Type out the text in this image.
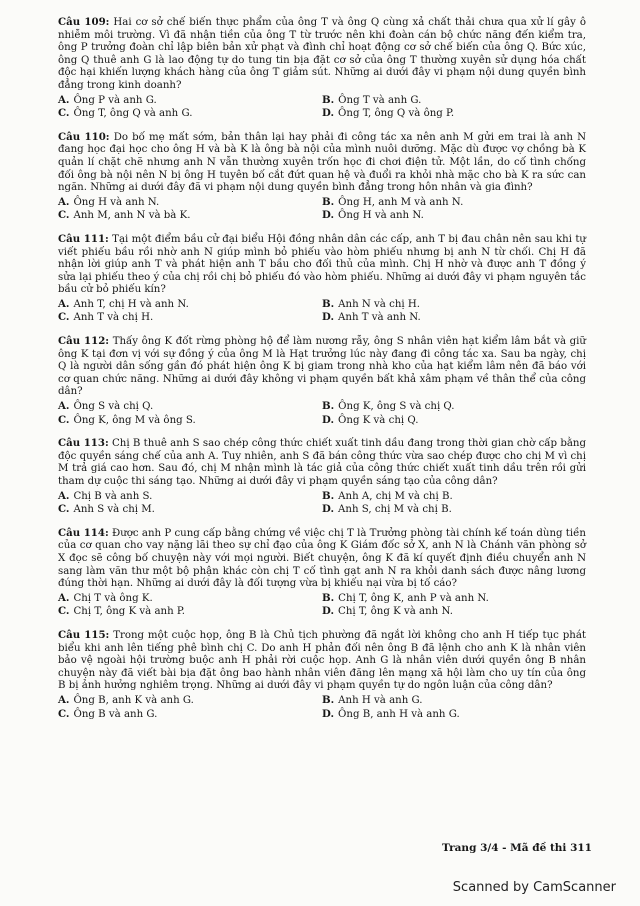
Câu 109: Hai cơ sở chế biến thực phẩm của ông T và ông Q cùng xả chất thải chưa qua xử lí gây ô nhiễm môi trường. Vì đã nhận tiền của ông T từ trước nên khi đoàn cán bộ chức năng đến kiểm tra, ông P trưởng đoàn chỉ lập biên bản xử phạt và đình chỉ hoạt động cơ sở chế biến của ông Q. Bức xúc, ông Q thuê anh G là lao động tự do tung tin bịa đặt cơ sở của ông T thường xuyên sử dụng hóa chất độc hại khiến lượng khách hàng của ông T giảm sút. Những ai dưới đây vi phạm nội dung quyền bình đẳng trong kinh doanh?

A. Ông P và anh G.	B. Ông T và anh G.
C. Ông T, ông Q và anh G.	D. Ông T, ông Q và ông P.

Câu 110: Do bố mẹ mất sớm, bản thân lại hay phải đi công tác xa nên anh M gửi em trai là anh N đang học đại học cho ông H và bà K là ông bà nội của mình nuôi dưỡng. Mặc dù được vợ chồng bà K quản lí chặt chẽ nhưng anh N vẫn thường xuyên trốn học đi chơi điện tử. Một lần, do cố tình chống đối ông bà nội nên N bị ông H tuyên bố cắt đứt quan hệ và đuổi ra khỏi nhà mặc cho bà K ra sức can ngăn. Những ai dưới đây đã vi phạm nội dung quyền bình đẳng trong hôn nhân và gia đình?

A. Ông H và anh N.	B. Ông H, anh M và anh N.
C. Anh M, anh N và bà K.	D. Ông H và anh N.

Câu 111: Tại một điểm bầu cử đại biểu Hội đồng nhân dân các cấp, anh T bị đau chân nên sau khi tự viết phiếu bầu rồi nhờ anh N giúp mình bỏ phiếu vào hòm phiếu nhưng bị anh N từ chối. Chị H đã nhận lời giúp anh T và phát hiện anh T bầu cho đối thủ của mình. Chị H nhờ và được anh T đồng ý sửa lại phiếu theo ý của chị rồi chị bỏ phiếu đó vào hòm phiếu. Những ai dưới đây vi phạm nguyên tắc bầu cử bỏ phiếu kín?

A. Anh T, chị H và anh N.	B. Anh N và chị H.
C. Anh T và chị H.	D. Anh T và anh N.

Câu 112: Thấy ông K đốt rừng phòng hộ để làm nương rẫy, ông S nhân viên hạt kiểm lâm bắt và giữ ông K tại đơn vị với sự đồng ý của ông M là Hạt trưởng lúc này đang đi công tác xa. Sau ba ngày, chị Q là người dân sống gần đó phát hiện ông K bị giam trong nhà kho của hạt kiểm lâm nên đã báo với cơ quan chức năng. Những ai dưới đây không vi phạm quyền bất khả xâm phạm về thân thể của công dân?

A. Ông S và chị Q.	B. Ông K, ông S và chị Q.
C. Ông K, ông M và ông S.	D. Ông K và chị Q.

Câu 113: Chị B thuê anh S sao chép công thức chiết xuất tinh dầu đang trong thời gian chờ cấp bằng độc quyền sáng chế của anh A. Tuy nhiên, anh S đã bán công thức vừa sao chép được cho chị M vì chị M trả giá cao hơn. Sau đó, chị M nhận mình là tác giả của công thức chiết xuất tinh dầu trên rồi gửi tham dự cuộc thi sáng tạo. Những ai dưới đây vi phạm quyền sáng tạo của công dân?

A. Chị B và anh S.	B. Anh A, chị M và chị B.
C. Anh S và chị M.	D. Anh S, chị M và chị B.

Câu 114: Được anh P cung cấp bằng chứng về việc chị T là Trưởng phòng tài chính kế toán dùng tiền của cơ quan cho vay nặng lãi theo sự chỉ đạo của ông K Giám đốc sở X, anh N là Chánh văn phòng sở X đọc sẽ công bố chuyện này với mọi người. Biết chuyện, ông K đã kí quyết định điều chuyển anh N sang làm văn thư một bộ phận khác còn chị T cố tình gạt anh N ra khỏi danh sách được nâng lương đúng thời hạn. Những ai dưới đây là đối tượng vừa bị khiếu nại vừa bị tố cáo?

A. Chị T và ông K.	B. Chị T, ông K, anh P và anh N.
C. Chị T, ông K và anh P.	D. Chị T, ông K và anh N.

Câu 115: Trong một cuộc họp, ông B là Chủ tịch phường đã ngắt lời không cho anh H tiếp tục phát biểu khi anh lên tiếng phê bình chị C. Do anh H phản đối nên ông B đã lệnh cho anh K là nhân viên bảo vệ ngoài hội trường buộc anh H phải rời cuộc họp. Anh G là nhân viên dưới quyền ông B nhân chuyện này đã viết bài bịa đặt ông bao hành nhân viên đăng lên mạng xã hội làm cho uy tín của ông B bị ảnh hưởng nghiêm trọng. Những ai dưới đây vi phạm quyền tự do ngôn luận của công dân?

A. Ông B, anh K và anh G.	B. Anh H và anh G.
C. Ông B và anh G.	D. Ông B, anh H và anh G.
Trang 3/4 - Mã đề thi 311
Scanned by CamScanner
